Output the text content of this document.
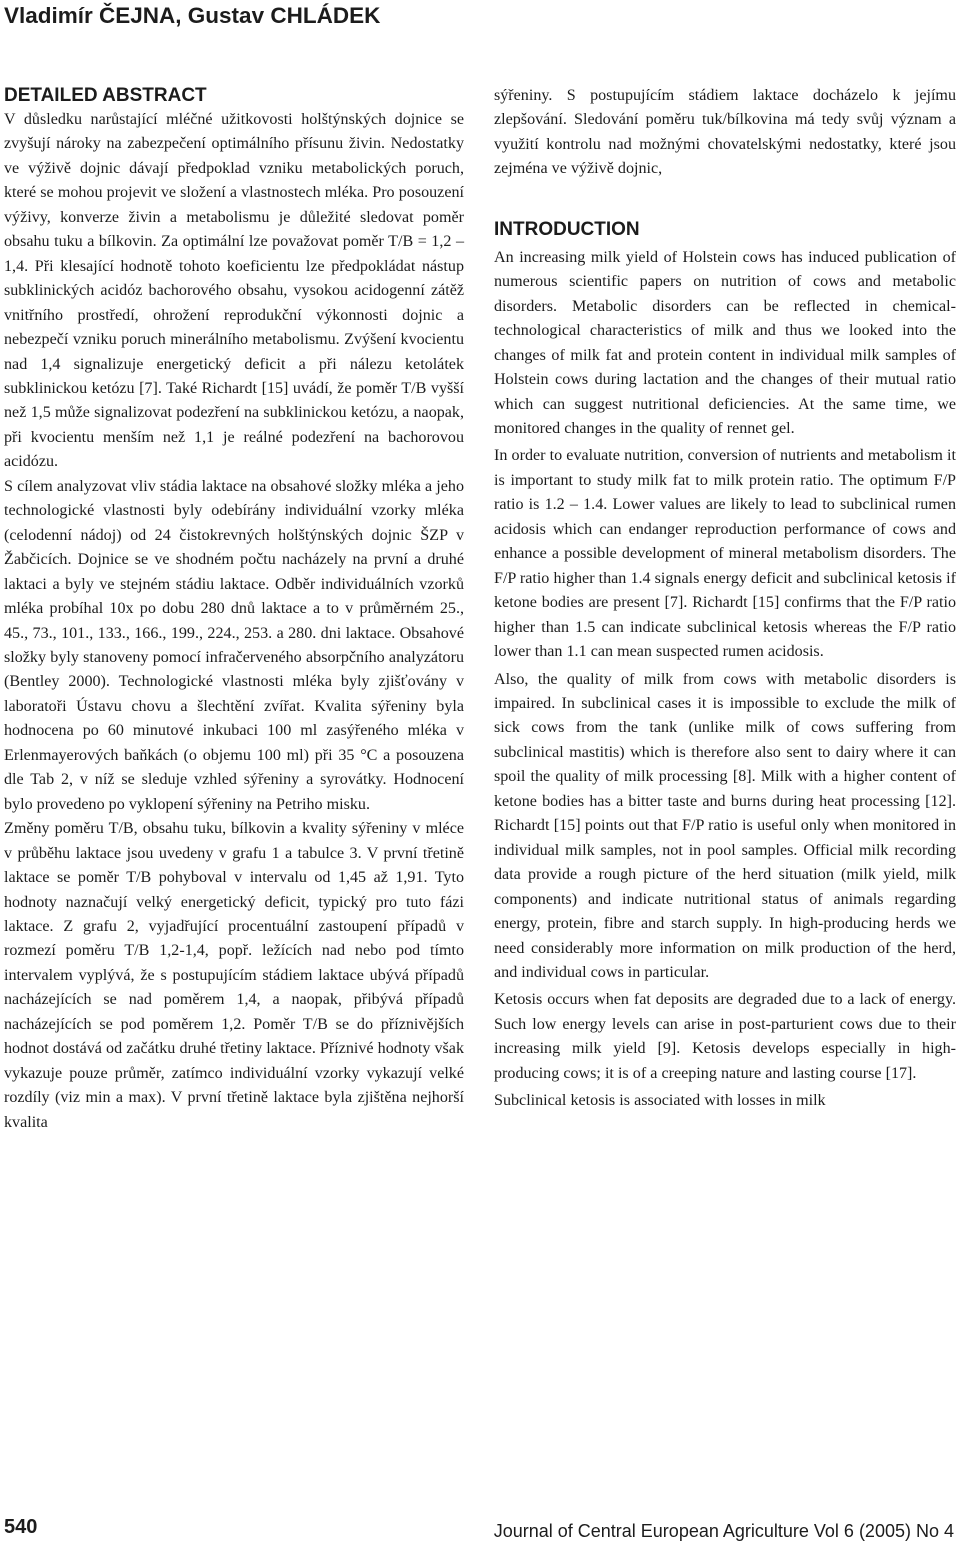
Vladimír ČEJNA, Gustav CHLÁDEK
DETAILED ABSTRACT

V důsledku narůstající mléčné užitkovosti holštýnských dojnice se zvyšují nároky na zabezpečení optimálního přísunu živin. Nedostatky ve výživě dojnic dávají předpoklad vzniku metabolických poruch, které se mohou projevit ve složení a vlastnostech mléka. Pro posouzení výživy, konverze živin a metabolismu je důležité sledovat poměr obsahu tuku a bílkovin. Za optimální lze považovat poměr T/B = 1,2 – 1,4. Při klesající hodnotě tohoto koeficientu lze předpokládat nástup subklinických acidóz bachorového obsahu, vysokou acidogenní zátěž vnitřního prostředí, ohrožení reprodukční výkonnosti dojnic a nebezpečí vzniku poruch minerálního metabolismu. Zvýšení kvocientu nad 1,4 signalizuje energetický deficit a při nálezu ketolátek subklinickou ketózu [7]. Také Richardt [15] uvádí, že poměr T/B vyšší než 1,5 může signalizovat podezření na subklinickou ketózu, a naopak, při kvocientu menším než 1,1 je reálné podezření na bachorovou acidózu.

S cílem analyzovat vliv stádia laktace na obsahové složky mléka a jeho technologické vlastnosti byly odebírány individuální vzorky mléka (celodenní nádoj) od 24 čistokrevných holštýnských dojnic ŠZP v Žabčicích. Dojnice se ve shodném počtu nacházely na první a druhé laktaci a byly ve stejném stádiu laktace. Odběr individuálních vzorků mléka probíhal 10x po dobu 280 dnů laktace a to v průměrném 25., 45., 73., 101., 133., 166., 199., 224., 253. a 280. dni laktace. Obsahové složky byly stanoveny pomocí infračerveného absorpčního analyzátoru (Bentley 2000). Technologické vlastnosti mléka byly zjišťovány v laboratoři Ústavu chovu a šlechtění zvířat. Kvalita sýřeniny byla hodnocena po 60 minutové inkubaci 100 ml zasýřeného mléka v Erlenmayerových baňkách (o objemu 100 ml) při 35 °C a posouzena dle Tab 2, v níž se sleduje vzhled sýřeniny a syrovátky. Hodnocení bylo provedeno po vyklopení sýřeniny na Petriho misku.

Změny poměru T/B, obsahu tuku, bílkovin a kvality sýřeniny v mléce v průběhu laktace jsou uvedeny v grafu 1 a tabulce 3. V první třetině laktace se poměr T/B pohyboval v intervalu od 1,45 až 1,91. Tyto hodnoty naznačují velký energetický deficit, typický pro tuto fázi laktace. Z grafu 2, vyjadřující procentuální zastoupení případů v rozmezí poměru T/B 1,2-1,4, popř. ležících nad nebo pod tímto intervalem vyplývá, že s postupujícím stádiem laktace ubývá případů nacházejících se nad poměrem 1,4, a naopak, přibývá případů nacházejících se pod poměrem 1,2. Poměr T/B se do příznivějších hodnot dostává od začátku druhé třetiny laktace. Příznivé hodnoty však vykazuje pouze průměr, zatímco individuální vzorky vykazují velké rozdíly (viz min a max). V první třetině laktace byla zjištěna nejhorší kvalita

sýřeniny. S postupujícím stádiem laktace docházelo k jejímu zlepšování. Sledování poměru tuk/bílkovina má tedy svůj význam a využití kontrolu nad možnými chovatelskými nedostatky, které jsou zejména ve výživě dojnic,

INTRODUCTION

An increasing milk yield of Holstein cows has induced publication of numerous scientific papers on nutrition of cows and metabolic disorders. Metabolic disorders can be reflected in chemical-technological characteristics of milk and thus we looked into the changes of milk fat and protein content in individual milk samples of Holstein cows during lactation and the changes of their mutual ratio which can suggest nutritional deficiencies. At the same time, we monitored changes in the quality of rennet gel.

In order to evaluate nutrition, conversion of nutrients and metabolism it is important to study milk fat to milk protein ratio. The optimum F/P ratio is 1.2 – 1.4. Lower values are likely to lead to subclinical rumen acidosis which can endanger reproduction performance of cows and enhance a possible development of mineral metabolism disorders. The F/P ratio higher than 1.4 signals energy deficit and subclinical ketosis if ketone bodies are present [7]. Richardt [15] confirms that the F/P ratio higher than 1.5 can indicate subclinical ketosis whereas the F/P ratio lower than 1.1 can mean suspected rumen acidosis.

Also, the quality of milk from cows with metabolic disorders is impaired. In subclinical cases it is impossible to exclude the milk of sick cows from the tank (unlike milk of cows suffering from subclinical mastitis) which is therefore also sent to dairy where it can spoil the quality of milk processing [8]. Milk with a higher content of ketone bodies has a bitter taste and burns during heat processing [12]. Richardt [15] points out that F/P ratio is useful only when monitored in individual milk samples, not in pool samples. Official milk recording data provide a rough picture of the herd situation (milk yield, milk components) and indicate nutritional status of animals regarding energy, protein, fibre and starch supply. In high-producing herds we need considerably more information on milk production of the herd, and individual cows in particular.

Ketosis occurs when fat deposits are degraded due to a lack of energy. Such low energy levels can arise in post-parturient cows due to their increasing milk yield [9]. Ketosis develops especially in high-producing cows; it is of a creeping nature and lasting course [17].

Subclinical ketosis is associated with losses in milk

540	Journal of Central European Agriculture Vol 6 (2005) No 4
